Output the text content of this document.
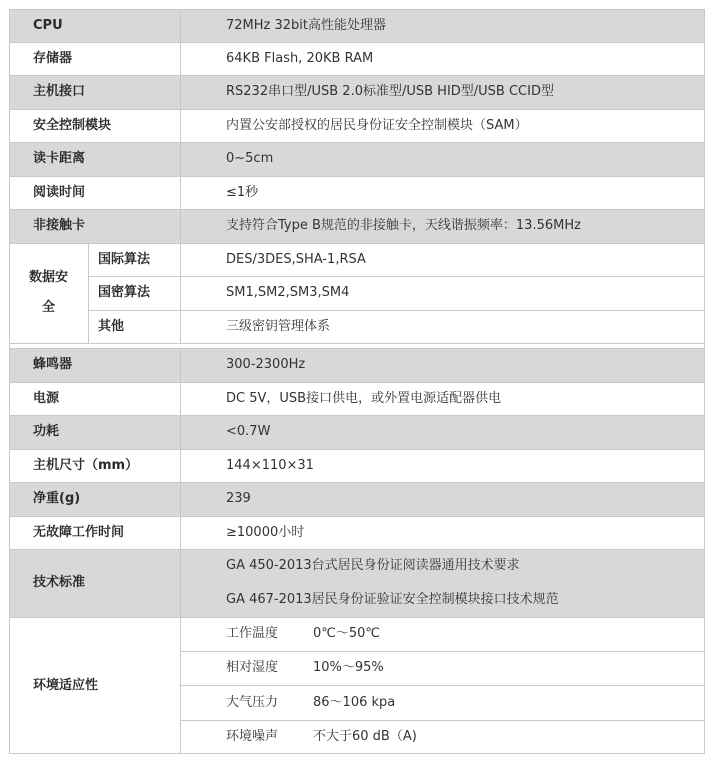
CPU	72MHz 32bit高性能处理器
存储器	64KB Flash, 20KB RAM
主机接口	RS232串口型/USB 2.0标准型/USB HID型/USB CCID型
安全控制模块	内置公安部授权的居民身份证安全控制模块（SAM）
读卡距离	0~5cm
阅读时间	≤1秒
非接触卡	支持符合Type B规范的非接触卡，天线谐振频率：13.56MHz
数据安全
国际算法	DES/3DES,SHA-1,RSA
国密算法	SM1,SM2,SM3,SM4
其他	三级密钥管理体系
蜂鸣器	300-2300Hz
电源	DC 5V，USB接口供电，或外置电源适配器供电
功耗	<0.7W
主机尺寸（mm）	144×110×31
净重(g)	239
无故障工作时间	≥10000小时
技术标准
GA 450-2013台式居民身份证阅读器通用技术要求
GA 467-2013居民身份证验证安全控制模块接口技术规范
环境适应性
工作温度	0℃～50℃
相对湿度	10%～95%
大气压力	86～106 kpa
环境噪声	不大于60 dB（A)
